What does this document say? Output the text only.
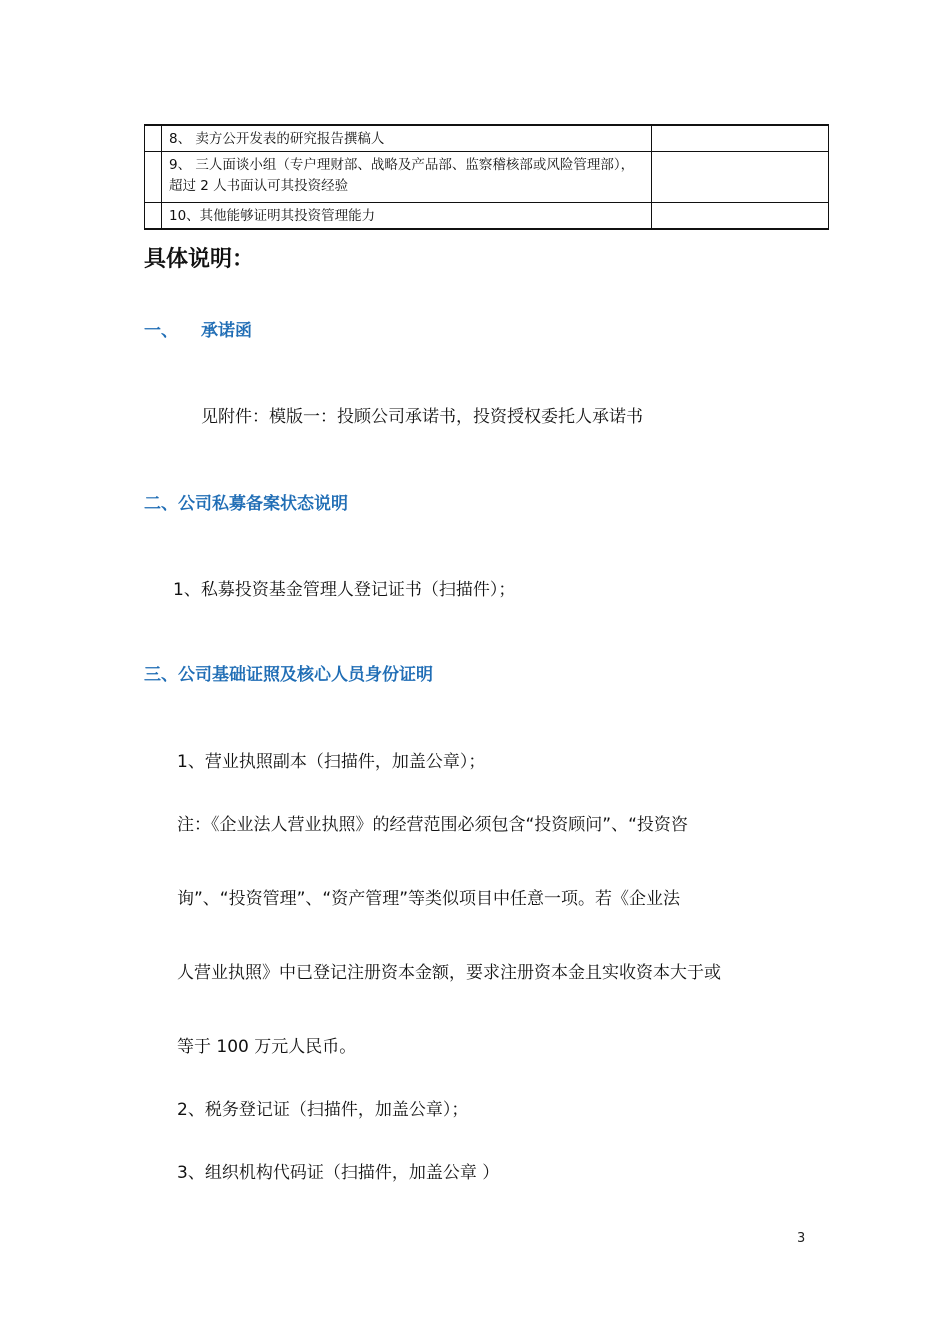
8、 卖方公开发表的研究报告撰稿人
9、 三人面谈小组（专户理财部、战略及产品部、监察稽核部或风险管理部），超过 2 人书面认可其投资经验
10、其他能够证明其投资管理能力
具体说明：
一、 承诺函
见附件：模版一：投顾公司承诺书，投资授权委托人承诺书
二、公司私募备案状态说明
1、私募投资基金管理人登记证书（扫描件）；
三、公司基础证照及核心人员身份证明
1、营业执照副本（扫描件，加盖公章）；
注：《企业法人营业执照》的经营范围必须包含“投资顾问”、“投资咨
询”、“投资管理”、“资产管理”等类似项目中任意一项。若《企业法
人营业执照》中已登记注册资本金额，要求注册资本金且实收资本大于或
等于 100 万元人民币。
2、税务登记证（扫描件，加盖公章）；
3、组织机构代码证（扫描件，加盖公章 ）
3
